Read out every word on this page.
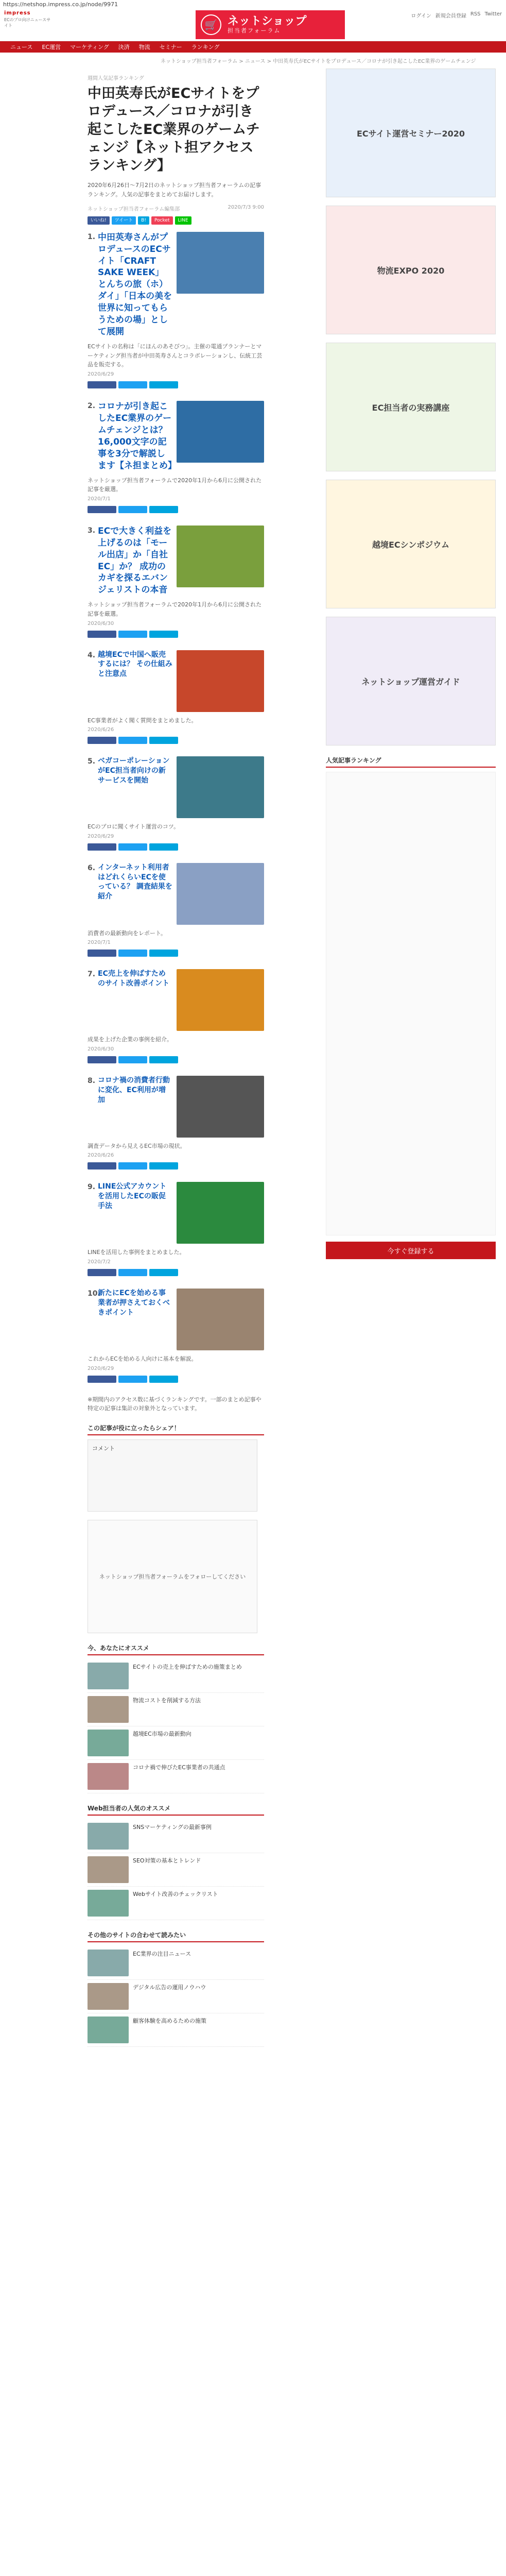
https://netshop.impress.co.jp/node/9971
impress
ECのプロ向けニュースサイト	🛒 ネットショップ
担当者フォーラム
ログイン 新規会員登録 RSS Twitter
ニュース EC運営 マーケティング 決済 物流 セミナー ランキング
ネットショップ担当者フォーラム > ニュース > 中田英寿氏がECサイトをプロデュース／コロナが引き起こしたEC業界のゲームチェンジ
週間人気記事ランキング
中田英寿氏がECサイトをプロデュース／コロナが引き起こしたEC業界のゲームチェンジ【ネット担アクセスランキング】

2020年6月26日〜7月2日のネットショップ担当者フォーラムの記事ランキング。人気の記事をまとめてお届けします。

ネットショップ担当者フォーラム編集部	2020/7/3 9:00
いいね!	ツイート	B!	Pocket	LINE
1. 中田英寿さんがプロデュースのECサイト「CRAFT SAKE WEEK」とんちの旅（ホ）ダイ」「日本の美を世界に知ってもらうための場」として展開

ECサイトの名称は「にほんのあそびつ」。主催の電通プランナーとマーケティング担当者が中田英寿さんとコラボレーションし、伝統工芸品を販売する。

2020/6/29
2. コロナが引き起こしたEC業界のゲームチェンジとは？ 16,000文字の記事を3分で解説します【ネ担まとめ】

ネットショップ担当者フォーラムで2020年1月から6月に公開された記事を厳選。

2020/7/1
3. ECで大きく利益を上げるのは「モール出店」か「自社EC」か？ 成功のカギを探るエバンジェリストの本音

ネットショップ担当者フォーラムで2020年1月から6月に公開された記事を厳選。

2020/6/30
4. 越境ECで中国へ販売するには？ その仕組みと注意点

EC事業者がよく聞く質問をまとめました。

2020/6/26
5. ベガコーポレーションがEC担当者向けの新サービスを開始

ECのプロに聞くサイト運営のコツ。

2020/6/29
6. インターネット利用者はどれくらいECを使っている？ 調査結果を紹介

消費者の最新動向をレポート。

2020/7/1
7. EC売上を伸ばすためのサイト改善ポイント

成果を上げた企業の事例を紹介。

2020/6/30
8. コロナ禍の消費者行動に変化、EC利用が増加

調査データから見えるEC市場の現状。

2020/6/26
9. LINE公式アカウントを活用したECの販促手法

LINEを活用した事例をまとめました。

2020/7/2
10.
新たにECを始める事業者が押さえておくべきポイント

これからECを始める人向けに基本を解説。

2020/6/29

※期間内のアクセス数に基づくランキングです。一部のまとめ記事や特定の記事は集計の対象外となっています。

この記事が役に立ったらシェア！
コメント
ネットショップ担当者フォーラムをフォローしてください
今、あなたにオススメ
ECサイトの売上を伸ばすための施策まとめ
物流コストを削減する方法
越境EC市場の最新動向
コロナ禍で伸びたEC事業者の共通点
Web担当者の人気のオススメ
SNSマーケティングの最新事例
SEO対策の基本とトレンド
Webサイト改善のチェックリスト
その他のサイトの合わせて読みたい
EC業界の注目ニュース
デジタル広告の運用ノウハウ
顧客体験を高めるための施策
ECサイト運営セミナー2020
物流EXPO 2020
EC担当者の実務講座
越境ECシンポジウム
ネットショップ運営ガイド
人気記事ランキング
今すぐ登録する
